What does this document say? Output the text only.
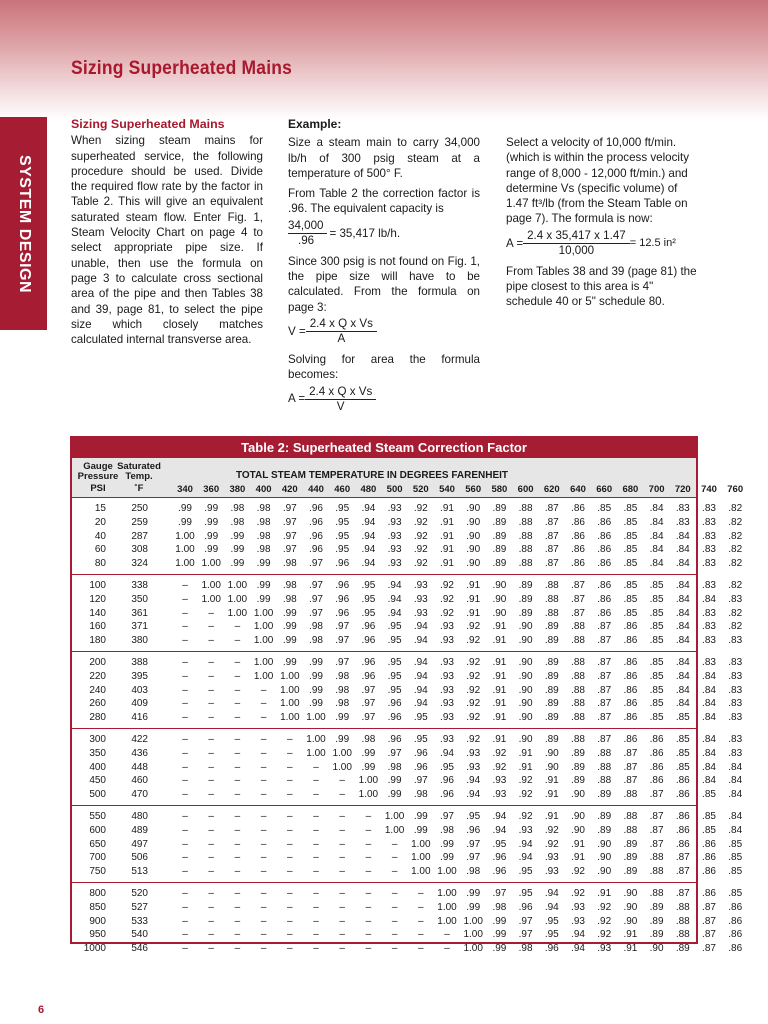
Sizing Superheated Mains
SYSTEM DESIGN
Sizing Superheated Mains

When sizing steam mains for superheated service, the following procedure should be used. Divide the required flow rate by the factor in Table 2. This will give an equivalent saturated steam flow. Enter Fig. 1, Steam Velocity Chart on page 4 to select appropriate pipe size. If unable, then use the formula on page 3 to calculate cross sectional area of the pipe and then Tables 38 and 39, page 81, to select the pipe size which closely matches calculated internal transverse area.

Example:

Size a steam main to carry 34,000 lb/h of 300 psig steam at a temperature of 500° F.

From Table 2 the correction factor is .96. The equivalent capacity is

$\frac{34,000}{.96} = 35,417$ lb/h.

Since 300 psig is not found on Fig. 1, the pipe size will have to be calculated. From the formula on page 3:

$V = \frac{\text{2.4 x Q x Vs}}{A}$

Solving for area the formula becomes:

$A = \frac{\text{2.4 x Q x Vs}}{V}$

Select a velocity of 10,000 ft/min. (which is within the process velocity range of 8,000 - 12,000 ft/min.) and determine Vs (specific volume) of 1.47 ft³/lb (from the Steam Table on page 7). The formula is now:

$A = \frac{2.4 x 35,417 x 1.47}{10,000} = 12.5$ in²

From Tables 38 and 39 (page 81) the pipe closest to this area is 4" schedule 40 or 5" schedule 80.

Table 2: Superheated Steam Correction Factor
Gauge
Pressure
PSI
Saturated
Temp.
˚F
TOTAL STEAM TEMPERATURE IN DEGREES FARENHEIT
340	360	380	400	420	440	460	480	500	520	540	560	580	600	620	640	660	680	700	720	740	760
15	250	.99	.99	.98	.98	.97	.96	.95	.94	.93	.92	.91	.90	.89	.88	.87	.86	.85	.85	.84	.83	.83	.82
20	259	.99	.99	.98	.98	.97	.96	.95	.94	.93	.92	.91	.90	.89	.88	.87	.86	.86	.85	.84	.83	.83	.82
40	287	1.00 .99	.99	.98	.97	.96	.95	.94	.93	.92	.91	.90	.89	.88	.87	.86	.86	.85	.84	.84	.83	.82
60	308	1.00 .99	.99	.98	.97	.96	.95	.94	.93	.92	.91	.90	.89	.88	.87	.86	.86	.85	.84	.84	.83	.82
80	324	1.00 1.00 .99	.99	.98	.97	.96	.94	.93	.92	.91	.90	.89	.88	.87	.86	.86	.85	.84	.84	.83	.82
100	338	–	1.00 1.00 .99	.98	.97	.96	.95	.94	.93	.92	.91	.90	.89	.88	.87	.86	.85	.85	.84	.83	.82
120	350	–	1.00 1.00 .99	.98	.97	.96	.95	.94	.93	.92	.91	.90	.89	.88	.87	.86	.85	.85	.84	.84	.83
140	361	–	–	1.00 1.00 .99	.97	.96	.95	.94	.93	.92	.91	.90	.89	.88	.87	.86	.85	.85	.84	.83	.82
160	371	–	–	–	1.00 .99	.98	.97	.96	.95	.94	.93	.92	.91	.90	.89	.88	.87	.86	.85	.84	.83	.82
180	380	–	–	–	1.00 .99	.98	.97	.96	.95	.94	.93	.92	.91	.90	.89	.88	.87	.86	.85	.84	.83	.83
200	388	–	–	–	1.00 .99	.99	.97	.96	.95	.94	.93	.92	.91	.90	.89	.88	.87	.86	.85	.84	.83	.83
220	395	–	–	–	1.00 1.00 .99	.98	.96	.95	.94	.93	.92	.91	.90	.89	.88	.87	.86	.85	.84	.84	.83
240	403	–	–	–	–	1.00 .99	.98	.97	.95	.94	.93	.92	.91	.90	.89	.88	.87	.86	.85	.84	.84	.83
260	409	–	–	–	–	1.00 .99	.98	.97	.96	.94	.93	.92	.91	.90	.89	.88	.87	.86	.85	.84	.84	.83
280	416	–	–	–	–	1.00 1.00 .99	.97	.96	.95	.93	.92	.91	.90	.89	.88	.87	.86	.85	.85	.84	.83
300	422	–	–	–	–	–	1.00 .99	.98	.96	.95	.93	.92	.91	.90	.89	.88	.87	.86	.86	.85	.84	.83
350	436	–	–	–	–	–	1.00 1.00 .99	.97	.96	.94	.93	.92	.91	.90	.89	.88	.87	.86	.85	.84	.83
400	448	–	–	–	–	–	–	1.00 .99	.98	.96	.95	.93	.92	.91	.90	.89	.88	.87	.86	.85	.84	.84
450	460	–	–	–	–	–	–	–	1.00 .99	.97	.96	.94	.93	.92	.91	.89	.88	.87	.86	.86	.84	.84
500	470	–	–	–	–	–	–	–	1.00 .99	.98	.96	.94	.93	.92	.91	.90	.89	.88	.87	.86	.85	.84
550	480	–	–	–	–	–	–	–	–	1.00 .99	.97	.95	.94	.92	.91	.90	.89	.88	.87	.86	.85	.84
600	489	–	–	–	–	–	–	–	–	1.00 .99	.98	.96	.94	.93	.92	.90	.89	.88	.87	.86	.85	.84
650	497	–	–	–	–	–	–	–	–	–	1.00 .99	.97	.95	.94	.92	.91	.90	.89	.87	.86	.86	.85
700	506	–	–	–	–	–	–	–	–	–	1.00 .99	.97	.96	.94	.93	.91	.90	.89	.88	.87	.86	.85
750	513	–	–	–	–	–	–	–	–	–	1.00 1.00 .98	.96	.95	.93	.92	.90	.89	.88	.87	.86	.85
800	520	–	–	–	–	–	–	–	–	–	–	1.00 .99	.97	.95	.94	.92	.91	.90	.88	.87	.86	.85
850	527	–	–	–	–	–	–	–	–	–	–	1.00 .99	.98	.96	.94	.93	.92	.90	.89	.88	.87	.86
900	533	–	–	–	–	–	–	–	–	–	–	1.00 1.00 .99	.97	.95	.93	.92	.90	.89	.88	.87	.86
950	540	–	–	–	–	–	–	–	–	–	–	–	1.00 .99	.97	.95	.94	.92	.91	.89	.88	.87	.86
1000	546	–	–	–	–	–	–	–	–	–	–	–	1.00 .99	.98	.96	.94	.93	.91	.90	.89	.87	.86
6
